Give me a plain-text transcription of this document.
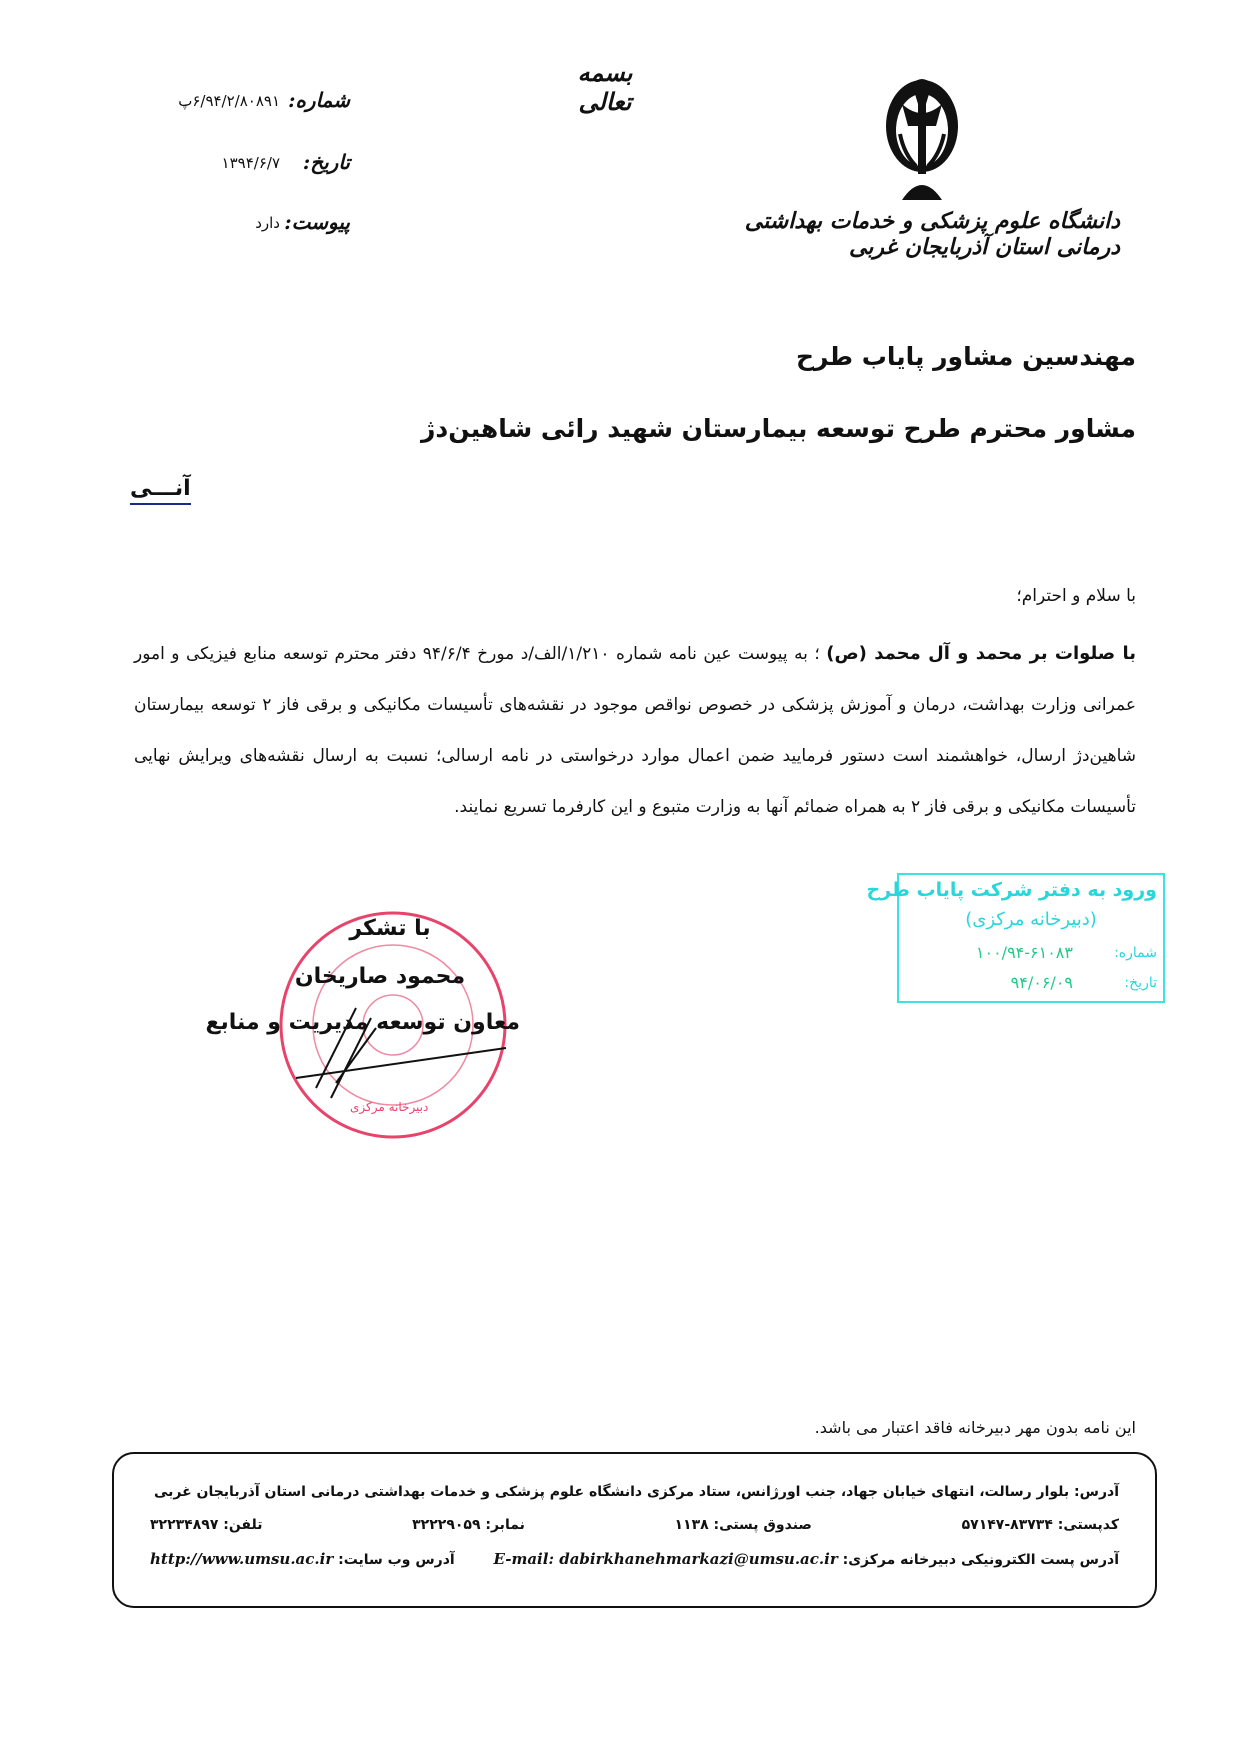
بسمه تعالی
دانشگاه علوم پزشکی و خدمات بهداشتی درمانی استان آذربایجان غربی
شماره:
۶/۹۴/۲/۸۰۸۹۱پ
تاریخ:
۱۳۹۴/۶/۷
پیوست:
دارد
مهندسین مشاور پایاب طرح
مشاور محترم طرح توسعه بیمارستان شهید رائی شاهین‌دژ
آنـــی
با سلام و احترام؛
با صلوات بر محمد و آل محمد (ص) ؛ به پیوست عین نامه شماره ۱/۲۱۰/الف/د مورخ ۹۴/۶/۴ دفتر محترم توسعه منابع فیزیکی و امور عمرانی وزارت بهداشت، درمان و آموزش پزشکی در خصوص نواقص موجود در نقشه‌های تأسیسات مکانیکی و برقی فاز ۲ توسعه بیمارستان شاهین‌دژ ارسال، خواهشمند است دستور فرمایید ضمن اعمال موارد درخواستی در نامه ارسالی؛ نسبت به ارسال نقشه‌های ویرایش نهایی تأسیسات مکانیکی و برقی فاز ۲ به همراه ضمائم آنها به وزارت متبوع و این کارفرما تسریع نمایند.
ورود به دفتر شرکت پایاب طرح
(دبیرخانه مرکزی)
شماره:
۱۰۰/۹۴-۶۱۰۸۳
تاریخ:
۹۴/۰۶/۰۹
دبیرخانه مرکزی
با تشکر
محمود صاریخان
معاون توسعه مدیریت و منابع
این نامه بدون مهر دبیرخانه فاقد اعتبار می باشد.
آدرس: بلوار رسالت، انتهای خیابان جهاد، جنب اورژانس، ستاد مرکزی دانشگاه علوم پزشکی و خدمات بهداشتی درمانی استان آذربایجان غربی
کدپستی: ۸۳۷۳۴-۵۷۱۴۷
صندوق پستی: ۱۱۳۸
نمابر: ۳۲۲۲۹۰۵۹
تلفن: ۳۲۲۳۴۸۹۷
آدرس پست الکترونیکی دبیرخانه مرکزی: E-mail: dabirkhanehmarkazi@umsu.ac.ir
آدرس وب سایت: http://www.umsu.ac.ir
